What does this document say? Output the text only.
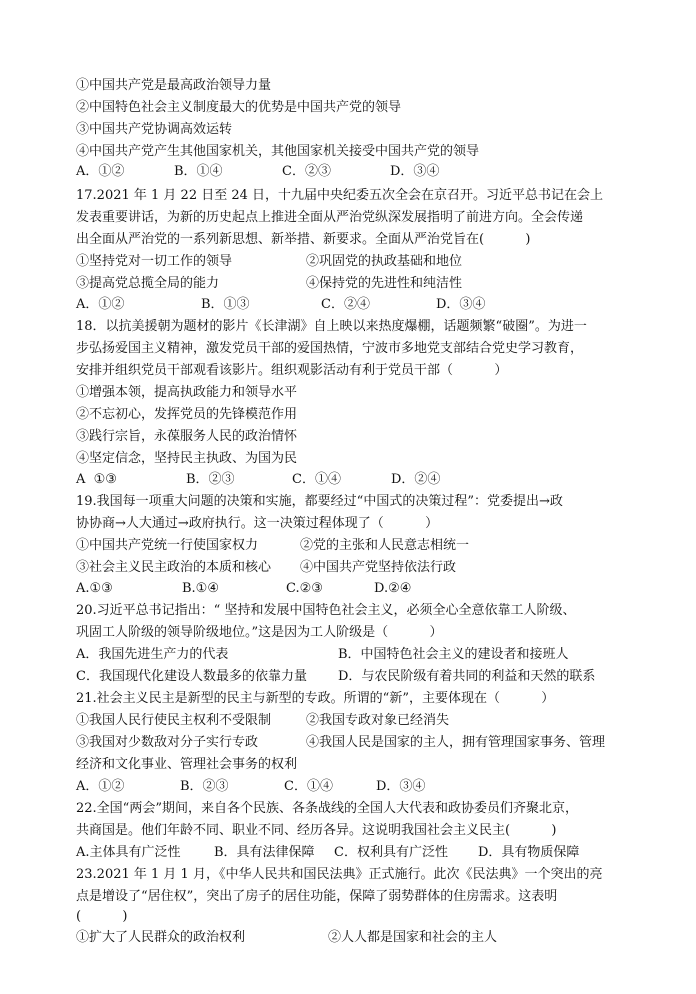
①中国共产党是最高政治领导力量
②中国特色社会主义制度最大的优势是中国共产党的领导
③中国共产党协调高效运转
④中国共产党产生其他国家机关，其他国家机关接受中国共产党的领导

A．①②

	B．①④

	C．②③

	D．③④

17.2021 年 1 月 22 日至 24 日，十九届中央纪委五次全会在京召开。习近平总书记在会上
发表重要讲话，为新的历史起点上推进全面从严治党纵深发展指明了前进方向。全会传递
出全面从严治党的一系列新思想、新举措、新要求。全面从严治党旨在(          )

①坚持党对一切工作的领导

	②巩固党的执政基础和地位

③提高党总揽全局的能力

	④保持党的先进性和纯洁性

A．①②

	B．①③

	C．②④

	D．③④

18．以抗美援朝为题材的影片《长津湖》自上映以来热度爆棚，话题频繁“破圈”。为进一
步弘扬爱国主义精神，激发党员干部的爱国热情，宁波市多地党支部结合党史学习教育，
安排并组织党员干部观看该影片。组织观影活动有利于党员干部（          ）
①增强本领，提高执政能力和领导水平
②不忘初心，发挥党员的先锋模范作用
③践行宗旨，永葆服务人民的政治情怀
④坚定信念，坚持民主执政、为国为民

A  ①③

	B．②③

	C．①④

	D．②④

19.我国每一项重大问题的决策和实施，都要经过“中国式的决策过程”：党委提出→政
协协商→人大通过→政府执行。这一决策过程体现了（          ）

①中国共产党统一行使国家权力

	②党的主张和人民意志相统一

③社会主义民主政治的本质和核心

④中国共产党坚持依法行政

A.①③

	B.①④

	C.②③

	D.②④

20.习近平总书记指出：“ 坚持和发展中国特色社会主义，必须全心全意依靠工人阶级、
巩固工人阶级的领导阶级地位。”这是因为工人阶级是（          ）

A．我国先进生产力的代表

	B．中国特色社会主义的建设者和接班人

C．我国现代化建设人数最多的依靠力量

D．与农民阶级有着共同的利益和天然的联系

21.社会主义民主是新型的民主与新型的专政。所谓的“新”，主要体现在（          ）

①我国人民行使民主权利不受限制

	②我国专政对象已经消失

③我国对少数敌对分子实行专政

	④我国人民是国家的主人，拥有管理国家事务、管理

经济和文化事业、管理社会事务的权利

A．①②

	B．②③

	C．①④

	D．③④

22.全国“两会”期间，来自各个民族、各条战线的全国人大代表和政协委员们齐聚北京，
共商国是。他们年龄不同、职业不同、经历各异。这说明我国社会主义民主(          )

A.主体具有广泛性

	B．具有法律保障

C．权利具有广泛性

D．具有物质保障

23.2021 年 1 月 1 月，《中华人民共和国民法典》正式施行。此次《民法典》一个突出的亮
点是增设了“居住权”，突出了房子的居住功能，保障了弱势群体的住房需求。这表明
(          )

①扩大了人民群众的政治权利

	②人人都是国家和社会的主人
